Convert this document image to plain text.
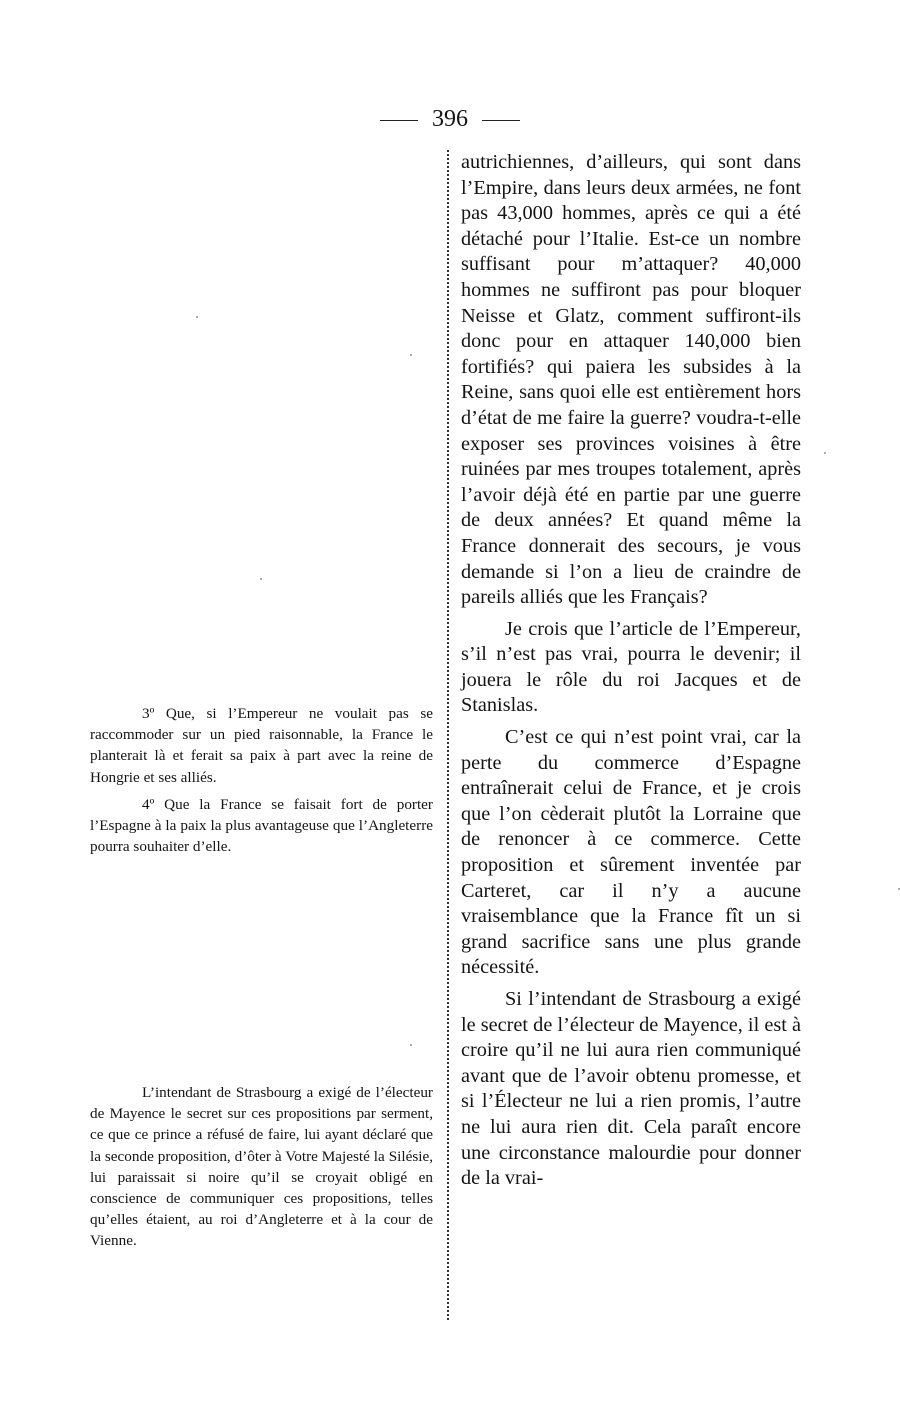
396

autrichiennes, d’ailleurs, qui sont dans l’Empire, dans leurs deux armées, ne font pas 43,000 hommes, après ce qui a été détaché pour l’Italie. Est-ce un nombre suffisant pour m’attaquer? 40,000 hommes ne suffiront pas pour bloquer Neisse et Glatz, comment suffiront-ils donc pour en attaquer 140,000 bien fortifiés? qui paiera les subsides à la Reine, sans quoi elle est entièrement hors d’état de me faire la guerre? voudra-t-elle exposer ses provinces voisines à être ruinées par mes troupes totalement, après l’avoir déjà été en partie par une guerre de deux années? Et quand même la France donnerait des secours, je vous demande si l’on a lieu de craindre de pareils alliés que les Français?

Je crois que l’article de l’Empereur, s’il n’est pas vrai, pourra le devenir; il jouera le rôle du roi Jacques et de Stanislas.

C’est ce qui n’est point vrai, car la perte du commerce d’Espagne entraînerait celui de France, et je crois que l’on cèderait plutôt la Lorraine que de renoncer à ce commerce. Cette proposition et sûrement inventée par Carteret, car il n’y a aucune vraisemblance que la France fît un si grand sacrifice sans une plus grande nécessité.

Si l’intendant de Strasbourg a exigé le secret de l’électeur de Mayence, il est à croire qu’il ne lui aura rien communiqué avant que de l’avoir obtenu promesse, et si l’Électeur ne lui a rien promis, l’autre ne lui aura rien dit. Cela paraît encore une circonstance malourdie pour donner de la vrai-

3º Que, si l’Empereur ne voulait pas se raccommoder sur un pied raisonnable, la France le planterait là et ferait sa paix à part avec la reine de Hongrie et ses alliés.

4º Que la France se faisait fort de porter l’Espagne à la paix la plus avantageuse que l’Angleterre pourra souhaiter d’elle.

L’intendant de Strasbourg a exigé de l’électeur de Mayence le secret sur ces propositions par serment, ce que ce prince a réfusé de faire, lui ayant déclaré que la seconde proposition, d’ôter à Votre Majesté la Silésie, lui paraissait si noire qu’il se croyait obligé en conscience de communiquer ces propositions, telles qu’elles étaient, au roi d’Angleterre et à la cour de Vienne.
